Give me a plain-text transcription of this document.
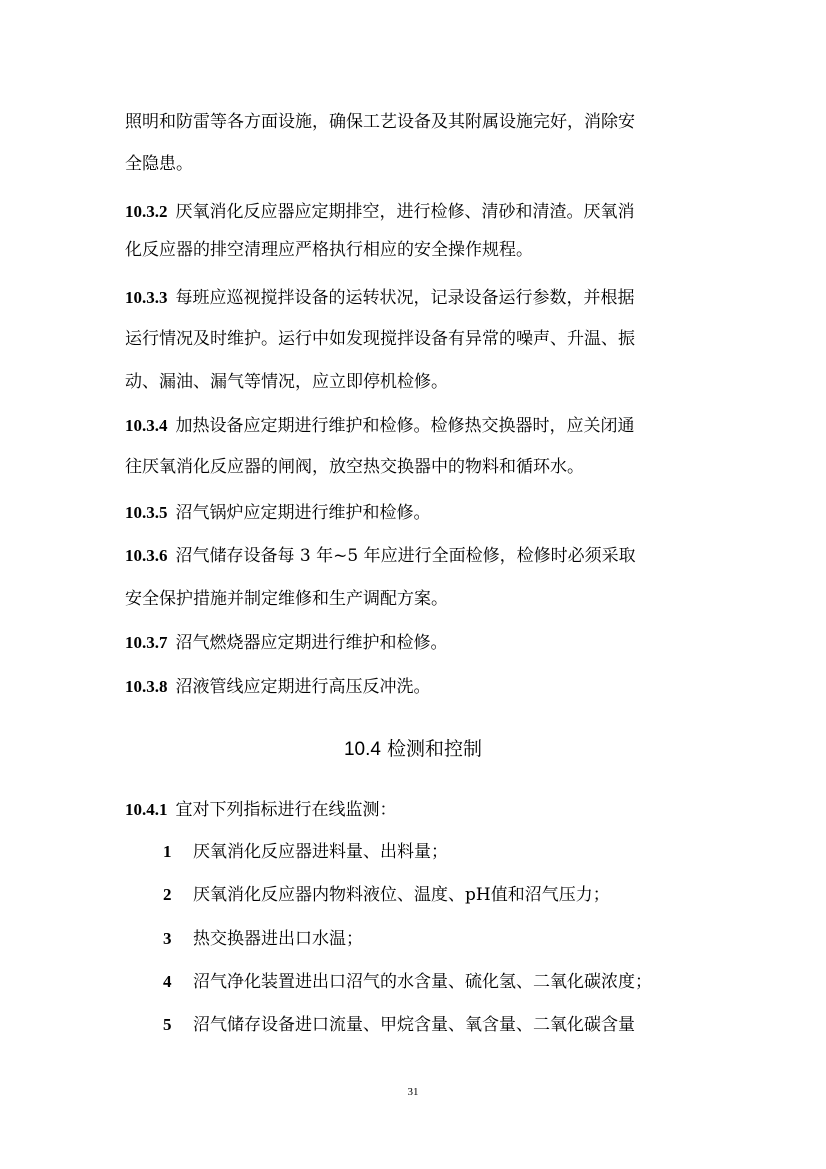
照明和防雷等各方面设施，确保工艺设备及其附属设施完好，消除安
全隐患。
10.3.2 厌氧消化反应器应定期排空，进行检修、清砂和清渣。厌氧消
化反应器的排空清理应严格执行相应的安全操作规程。
10.3.3 每班应巡视搅拌设备的运转状况，记录设备运行参数，并根据
运行情况及时维护。运行中如发现搅拌设备有异常的噪声、升温、振
动、漏油、漏气等情况，应立即停机检修。
10.3.4 加热设备应定期进行维护和检修。检修热交换器时，应关闭通
往厌氧消化反应器的闸阀，放空热交换器中的物料和循环水。
10.3.5 沼气锅炉应定期进行维护和检修。
10.3.6 沼气储存设备每 3 年~5 年应进行全面检修，检修时必须采取
安全保护措施并制定维修和生产调配方案。
10.3.7 沼气燃烧器应定期进行维护和检修。
10.3.8 沼液管线应定期进行高压反冲洗。
10.4 检测和控制
10.4.1 宜对下列指标进行在线监测：
1 厌氧消化反应器进料量、出料量；
2 厌氧消化反应器内物料液位、温度、pH值和沼气压力；
3 热交换器进出口水温；
4 沼气净化装置进出口沼气的水含量、硫化氢、二氧化碳浓度；
5 沼气储存设备进口流量、甲烷含量、氧含量、二氧化碳含量
31
